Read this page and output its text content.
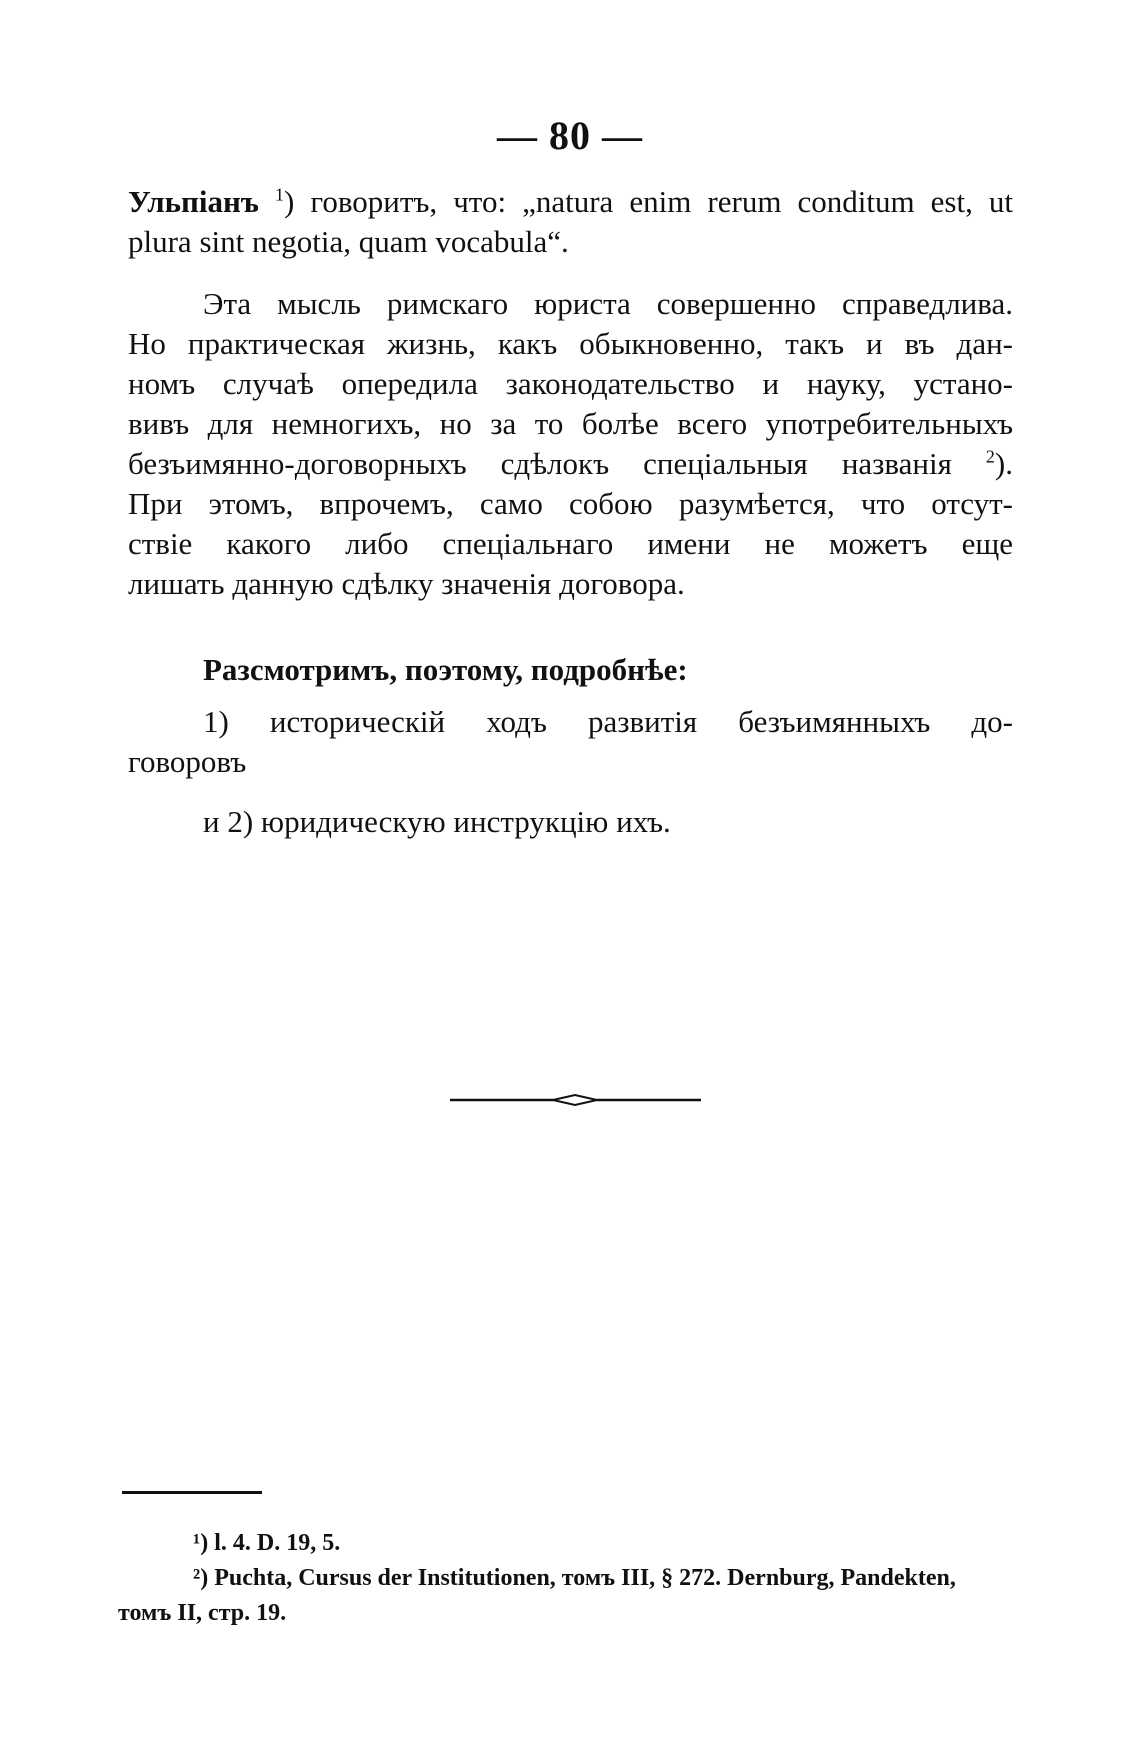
— 80 —
Ульпіанъ $^1$) говоритъ, что: „natura enim rerum conditum est, ut
plura sint negotia, quam vocabula“.
Эта мысль римскаго юриста совершенно справедлива.
Но практическая жизнь, какъ обыкновенно, такъ и въ дан-
номъ случаѣ опередила законодательство и науку, устано-
вивъ для немногихъ, но за то болѣе всего употребительныхъ
безъимянно-договорныхъ сдѣлокъ спеціальныя названія $^2$).
При этомъ, впрочемъ, само собою разумѣется, что отсут-
ствіе какого либо спеціальнаго имени не можетъ еще
лишать данную сдѣлку значенія договора.
Разсмотримъ, поэтому, подробнѣе:
1) историческій ходъ развитія безъимянныхъ до-
говоровъ
и 2) юридическую инструкцію ихъ.
¹) l. 4. D. 19, 5.
²) Puchta, Cursus der Institutionen, томъ III, § 272. Dernburg, Pandekten,
томъ II, стр. 19.
